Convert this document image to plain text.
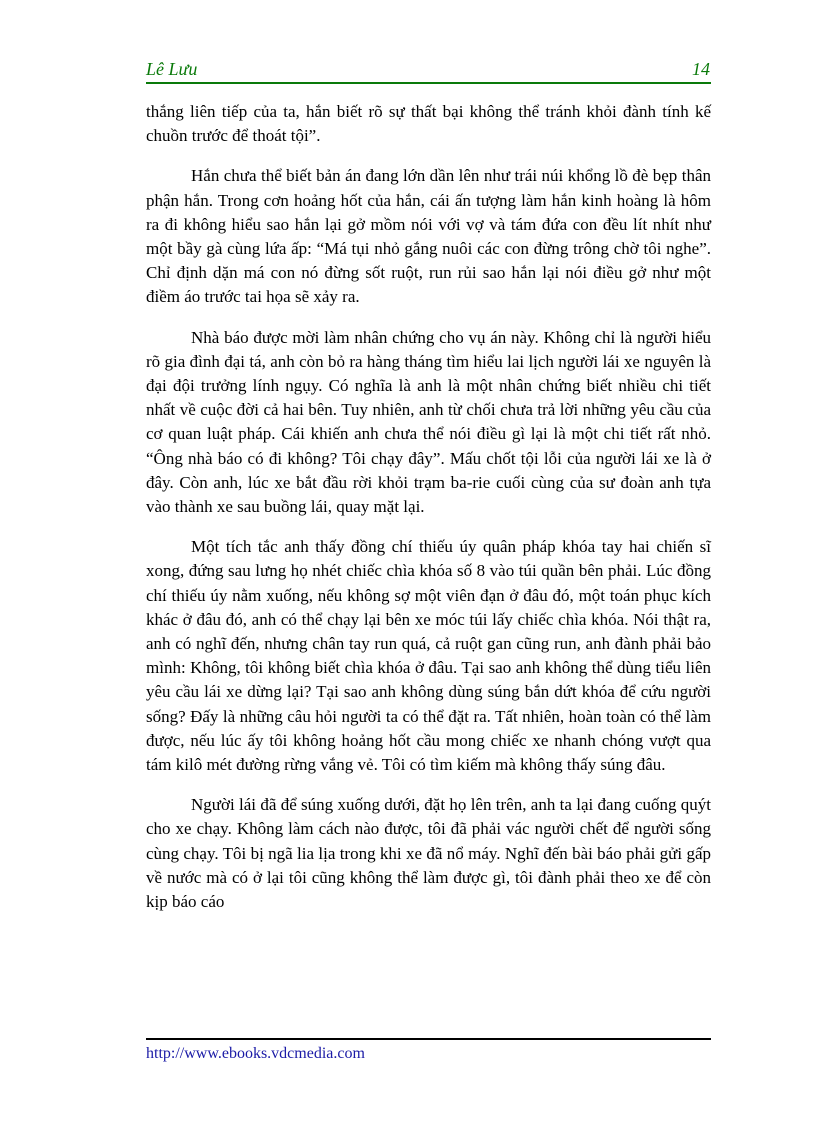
Lê Lưu	14

thắng liên tiếp của ta, hắn biết rõ sự thất bại không thể tránh khỏi đành tính kế chuồn trước để thoát tội”.

Hắn chưa thể biết bản án đang lớn dần lên như trái núi khổng lồ đè bẹp thân phận hắn. Trong cơn hoảng hốt của hắn, cái ấn tượng làm hắn kinh hoàng là hôm ra đi không hiểu sao hắn lại gở mồm nói với vợ và tám đứa con đều lít nhít như một bầy gà cùng lứa ấp: “Má tụi nhỏ gắng nuôi các con đừng trông chờ tôi nghe”. Chỉ định dặn má con nó đừng sốt ruột, run rủi sao hắn lại nói điều gở như một điềm áo trước tai họa sẽ xảy ra.

Nhà báo được mời làm nhân chứng cho vụ án này. Không chỉ là người hiểu rõ gia đình đại tá, anh còn bỏ ra hàng tháng tìm hiểu lai lịch người lái xe nguyên là đại đội trưởng lính ngụy. Có nghĩa là anh là một nhân chứng biết nhiều chi tiết nhất về cuộc đời cả hai bên. Tuy nhiên, anh từ chối chưa trả lời những yêu cầu của cơ quan luật pháp. Cái khiến anh chưa thể nói điều gì lại là một chi tiết rất nhỏ. “Ông nhà báo có đi không? Tôi chạy đây”. Mấu chốt tội lỗi của người lái xe là ở đây. Còn anh, lúc xe bắt đầu rời khỏi trạm ba-rie cuối cùng của sư đoàn anh tựa vào thành xe sau buồng lái, quay mặt lại.

Một tích tắc anh thấy đồng chí thiếu úy quân pháp khóa tay hai chiến sĩ xong, đứng sau lưng họ nhét chiếc chìa khóa số 8 vào túi quần bên phải. Lúc đồng chí thiếu úy nằm xuống, nếu không sợ một viên đạn ở đâu đó, một toán phục kích khác ở đâu đó, anh có thể chạy lại bên xe móc túi lấy chiếc chìa khóa. Nói thật ra, anh có nghĩ đến, nhưng chân tay run quá, cả ruột gan cũng run, anh đành phải bảo mình: Không, tôi không biết chìa khóa ở đâu. Tại sao anh không thể dùng tiểu liên yêu cầu lái xe dừng lại? Tại sao anh không dùng súng bắn dứt khóa để cứu người sống? Đấy là những câu hỏi người ta có thể đặt ra. Tất nhiên, hoàn toàn có thể làm được, nếu lúc ấy tôi không hoảng hốt cầu mong chiếc xe nhanh chóng vượt qua tám kilô mét đường rừng vắng vẻ. Tôi có tìm kiếm mà không thấy súng đâu.

Người lái đã để súng xuống dưới, đặt họ lên trên, anh ta lại đang cuống quýt cho xe chạy. Không làm cách nào được, tôi đã phải vác người chết để người sống cùng chạy. Tôi bị ngã lia lịa trong khi xe đã nổ máy. Nghĩ đến bài báo phải gửi gấp về nước mà có ở lại tôi cũng không thể làm được gì, tôi đành phải theo xe để còn kịp báo cáo

http://www.ebooks.vdcmedia.com
